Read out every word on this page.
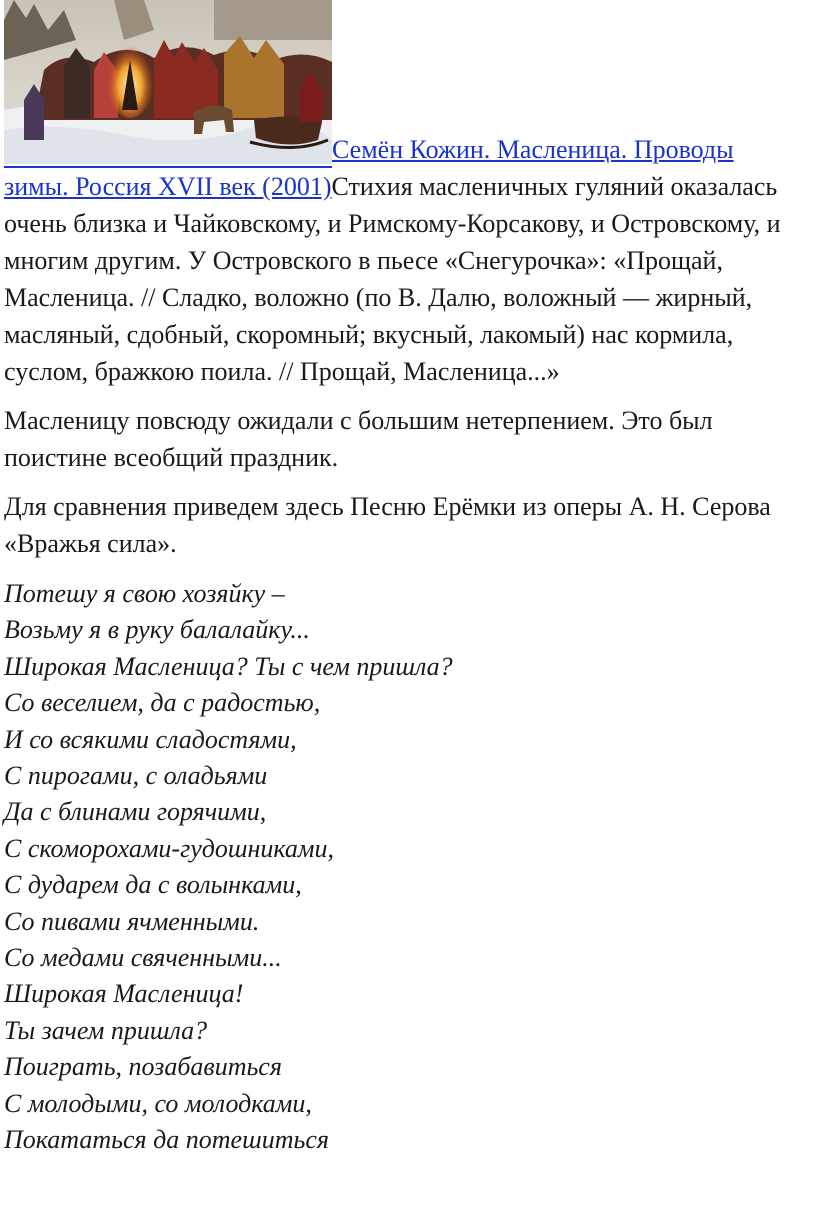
Семён Кожин. Масленица. Проводы зимы. Россия XVII век (2001)Стихия масленичных гуляний оказалась очень близка и Чайковскому, и Римскому-Корсакову, и Островскому, и многим другим. У Островского в пьесе «Снегурочка»: «Прощай, Масленица. // Сладко, воложно (по В. Далю, воложный — жирный, масляный, сдобный, скоромный; вкусный, лакомый) нас кормила, суслом, бражкою поила. // Прощай, Масленица...»

Масленицу повсюду ожидали с большим нетерпением. Это был поистине всеобщий праздник.

Для сравнения приведем здесь Песню Ерёмки из оперы А. Н. Серова «Вражья сила».

Потешу я свою хозяйку –
Возьму я в руку балалайку...
Широкая Масленица? Ты с чем пришла?
Со веселием, да с радостью,
И со всякими сладостями,
С пирогами, с оладьями
Да с блинами горячими,
С скоморохами-гудошниками,
С дударем да с волынками,
Со пивами ячменными.
Со медами свяченными...
Широкая Масленица!
Ты зачем пришла?
Поиграть, позабавиться
С молодыми, со молодками,
Покататься да потешиться
